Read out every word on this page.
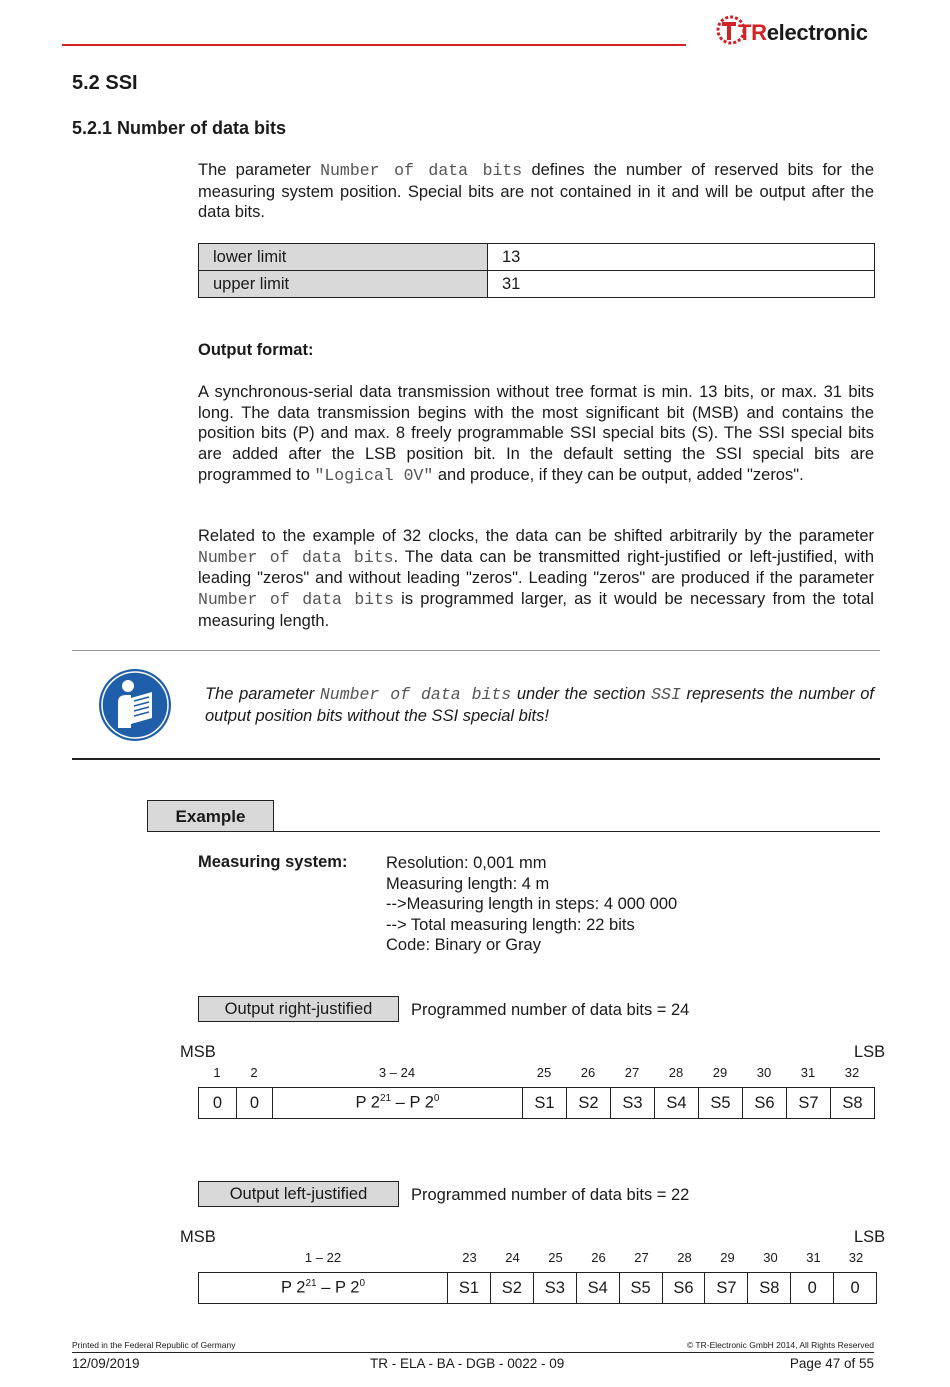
TRelectronic
5.2 SSI
5.2.1 Number of data bits

The parameter Number of data bits defines the number of reserved bits for the measuring system position. Special bits are not contained in it and will be output after the data bits.

lower limit	13
upper limit	31
Output format:

A synchronous-serial data transmission without tree format is min. 13 bits, or max. 31 bits long. The data transmission begins with the most significant bit (MSB) and contains the position bits (P) and max. 8 freely programmable SSI special bits (S). The SSI special bits are added after the LSB position bit. In the default setting the SSI special bits are programmed to "Logical 0V" and produce, if they can be output, added "zeros".

Related to the example of 32 clocks, the data can be shifted arbitrarily by the parameter Number of data bits. The data can be transmitted right-justified or left-justified, with leading "zeros" and without leading "zeros". Leading "zeros" are produced if the parameter Number of data bits is programmed larger, as it would be necessary from the total measuring length.

The parameter Number of data bits under the section SSI represents the number of output position bits without the SSI special bits!

Example
Measuring system: Resolution: 0,001 mm
Measuring length: 4 m
-->Measuring length in steps: 4 000 000
--> Total measuring length: 22 bits
Code: Binary or Gray
Output right-justified	Programmed number of data bits = 24
MSB	LSB
1	2	3 – 24	25	26	27	28	29	30	31	32
0	0	P $2^{21}$ – P $2^0$	S1	S2	S3	S4	S5	S6	S7	S8
Output left-justified	Programmed number of data bits = 22
MSB	LSB
1 – 22	23	24	25	26	27	28	29	30	31	32
P $2^{21}$ – P $2^0$	S1	S2	S3	S4	S5	S6	S7	S8	0	0
Printed in the Federal Republic of Germany	© TR-Electronic GmbH 2014, All Rights Reserved
12/09/2019	TR - ELA - BA - DGB - 0022 - 09	Page 47 of 55
